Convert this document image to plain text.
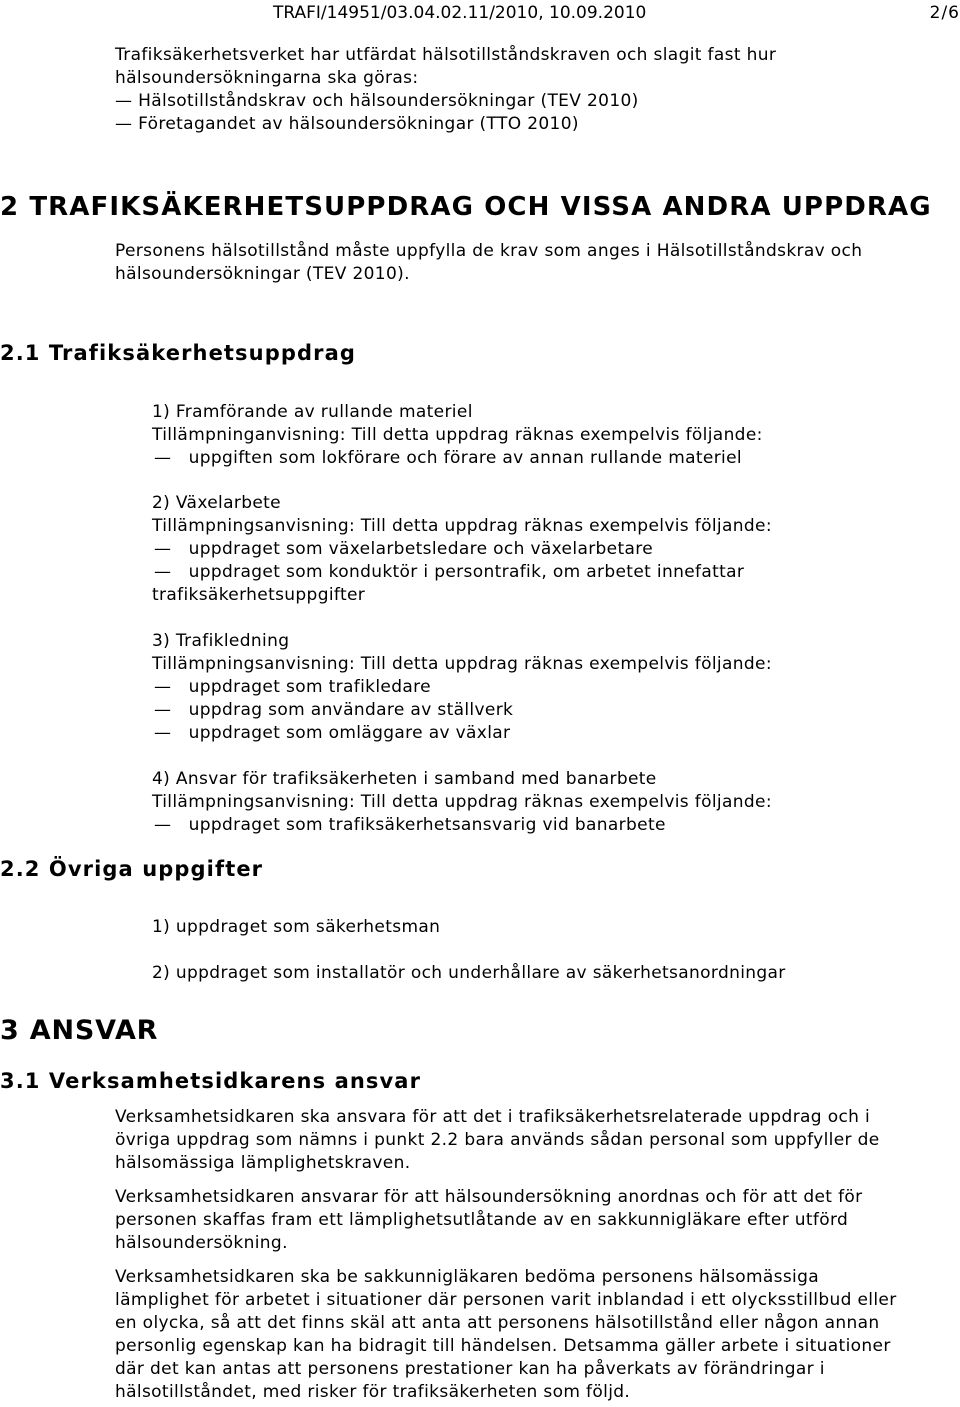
TRAFI/14951/03.04.02.11/2010, 10.09.2010	2/6
Trafiksäkerhetsverket har utfärdat hälsotillståndskraven och slagit fast hur
hälsoundersökningarna ska göras:
— Hälsotillståndskrav och hälsoundersökningar (TEV 2010)
— Företagandet av hälsoundersökningar (TTO 2010)
2 TRAFIKSÄKERHETSUPPDRAG OCH VISSA ANDRA UPPDRAG
Personens hälsotillstånd måste uppfylla de krav som anges i Hälsotillståndskrav och
hälsoundersökningar (TEV 2010).
2.1 Trafiksäkerhetsuppdrag
1) Framförande av rullande materiel
Tillämpninganvisning: Till detta uppdrag räknas exempelvis följande:
—   uppgiften som lokförare och förare av annan rullande materiel
2) Växelarbete
Tillämpningsanvisning: Till detta uppdrag räknas exempelvis följande:
—   uppdraget som växelarbetsledare och växelarbetare
—   uppdraget som konduktör i persontrafik, om arbetet innefattar
trafiksäkerhetsuppgifter
3) Trafikledning
Tillämpningsanvisning: Till detta uppdrag räknas exempelvis följande:
—   uppdraget som trafikledare
—   uppdrag som användare av ställverk
—   uppdraget som omläggare av växlar
4) Ansvar för trafiksäkerheten i samband med banarbete
Tillämpningsanvisning: Till detta uppdrag räknas exempelvis följande:
—   uppdraget som trafiksäkerhetsansvarig vid banarbete
2.2 Övriga uppgifter
1) uppdraget som säkerhetsman
2) uppdraget som installatör och underhållare av säkerhetsanordningar
3 ANSVAR
3.1 Verksamhetsidkarens ansvar
Verksamhetsidkaren ska ansvara för att det i trafiksäkerhetsrelaterade uppdrag och i
övriga uppdrag som nämns i punkt 2.2 bara används sådan personal som uppfyller de
hälsomässiga lämplighetskraven.
Verksamhetsidkaren ansvarar för att hälsoundersökning anordnas och för att det för
personen skaffas fram ett lämplighetsutlåtande av en sakkunnigläkare efter utförd
hälsoundersökning.
Verksamhetsidkaren ska be sakkunnigläkaren bedöma personens hälsomässiga
lämplighet för arbetet i situationer där personen varit inblandad i ett olycksstillbud eller
en olycka, så att det finns skäl att anta att personens hälsotillstånd eller någon annan
personlig egenskap kan ha bidragit till händelsen. Detsamma gäller arbete i situationer
där det kan antas att personens prestationer kan ha påverkats av förändringar i
hälsotillståndet, med risker för trafiksäkerheten som följd.
